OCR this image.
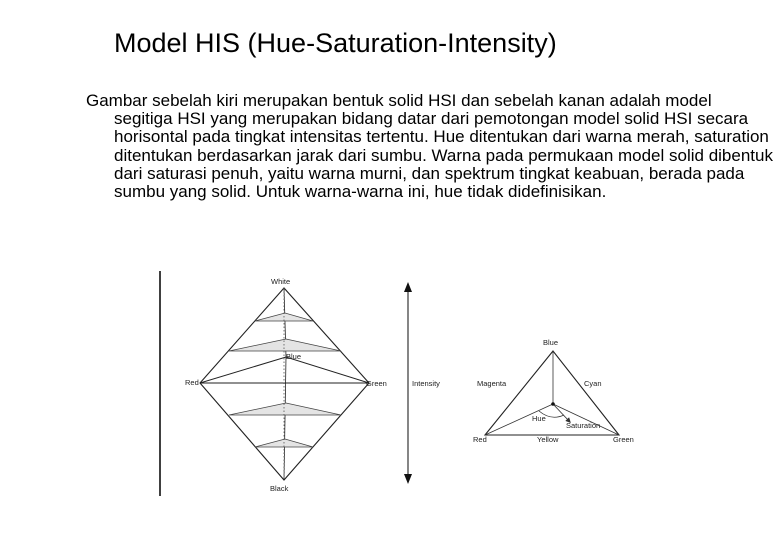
Model HIS (Hue-Saturation-Intensity)

Gambar sebelah kiri merupakan bentuk solid HSI dan sebelah kanan adalah model segitiga HSI yang merupakan bidang datar dari pemotongan model solid HSI secara horisontal pada tingkat intensitas tertentu. Hue ditentukan dari warna merah, saturation ditentukan berdasarkan jarak dari sumbu. Warna pada permukaan model solid dibentuk dari saturasi penuh, yaitu warna murni, dan spektrum tingkat keabuan, berada pada sumbu yang solid. Untuk warna-warna ini, hue tidak didefinisikan.

White
Black
Red	Green
Blue
Intensity
Blue
Magenta	Cyan
Hue
Saturation
Red	Yellow	Green
